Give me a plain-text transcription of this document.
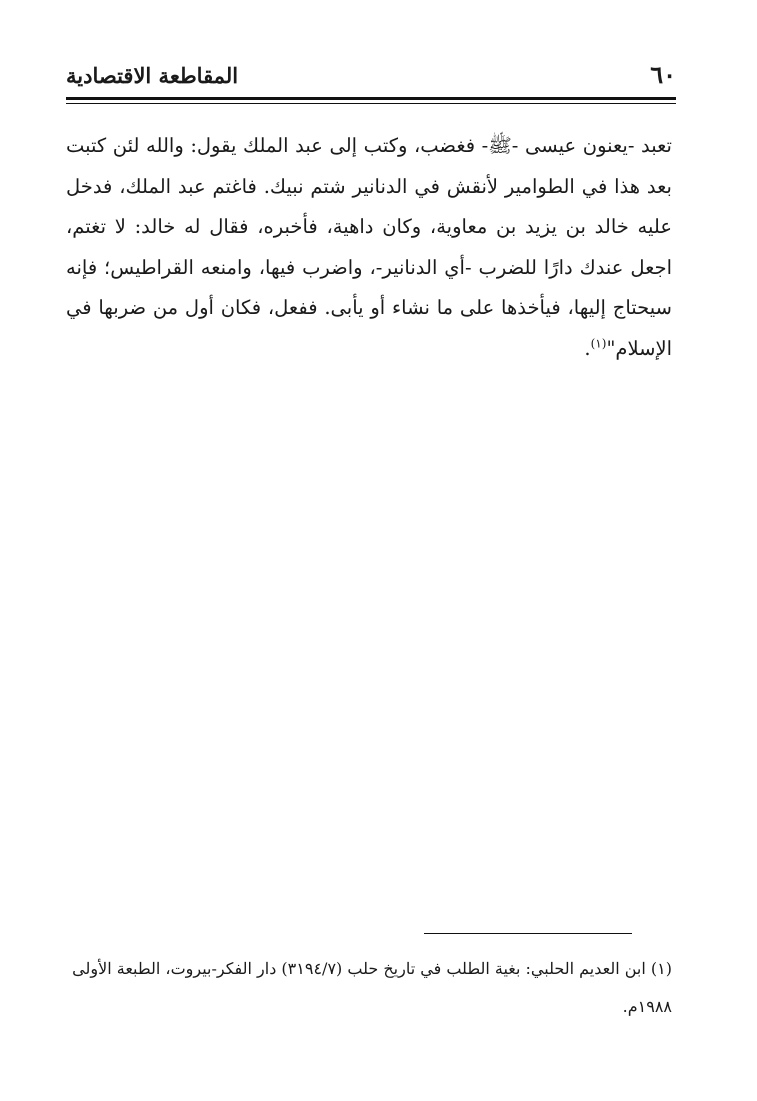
٦٠
المقاطعة الاقتصادية

تعبد -يعنون عيسى -ﷺ- فغضب، وكتب إلى عبد الملك يقول: والله لئن كتبت بعد هذا في الطوامير لأنقش في الدنانير شتم نبيك. فاغتم عبد الملك، فدخل عليه خالد بن يزيد بن معاوية، وكان داهية، فأخبره، فقال له خالد: لا تغتم، اجعل عندك دارًا للضرب -أي الدنانير-، واضرب فيها، وامنعه القراطيس؛ فإنه سيحتاج إليها، فيأخذها على ما نشاء أو يأبى. ففعل، فكان أول من ضربها في الإسلام"$^{(١)}$.

(١) ابن العديم الحلبي: بغية الطلب في تاريخ حلب (٣١٩٤/٧) دار الفكر-بيروت، الطبعة الأولى

١٩٨٨م.
